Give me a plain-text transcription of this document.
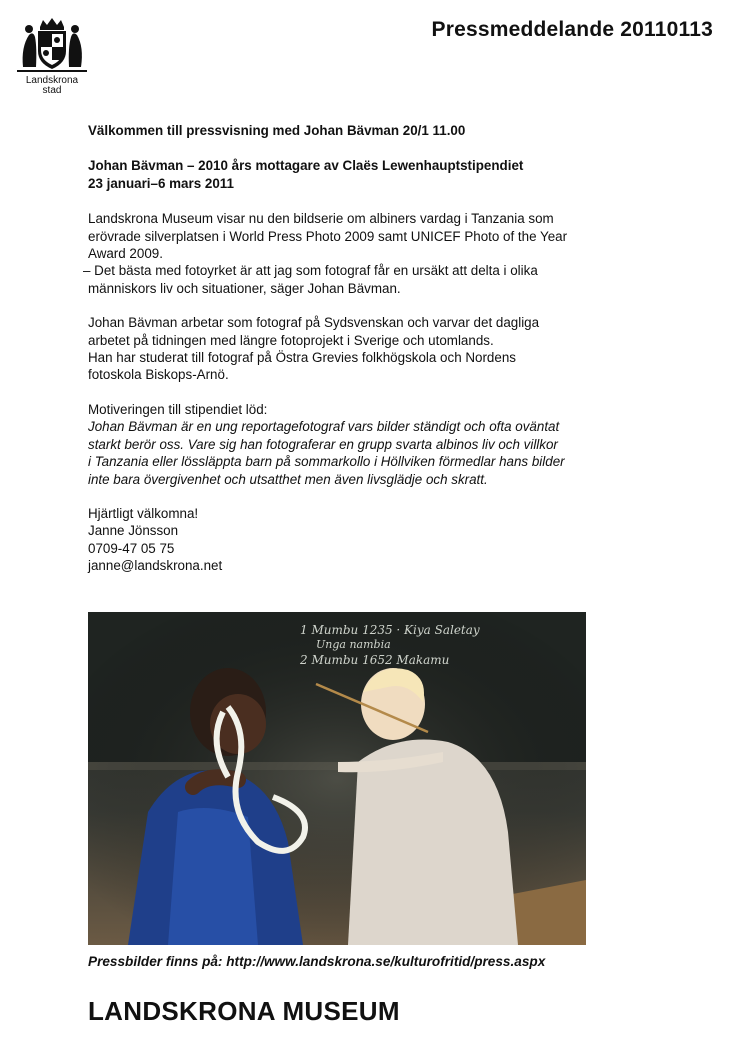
Landskrona
stad
Pressmeddelande 20110113

Välkommen till pressvisning med Johan Bävman 20/1 11.00

Johan Bävman – 2010 års mottagare av Claës Lewenhauptstipendiet

23 januari–6 mars 2011

Landskrona Museum visar nu den bildserie om albiners vardag i Tanzania som

erövrade silverplatsen i World Press Photo 2009 samt UNICEF Photo of the Year

Award 2009.

– Det bästa med fotoyrket är att jag som fotograf får en ursäkt att delta i olika

människors liv och situationer, säger Johan Bävman.

Johan Bävman arbetar som fotograf på Sydsvenskan och varvar det dagliga

arbetet på tidningen med längre fotoprojekt i Sverige och utomlands.

Han har studerat till fotograf på Östra Grevies folkhögskola och Nordens

fotoskola Biskops-Arnö.

Motiveringen till stipendiet löd:

Johan Bävman är en ung reportagefotograf vars bilder ständigt och ofta oväntat

starkt berör oss. Vare sig han fotograferar en grupp svarta albinos liv och villkor

i Tanzania eller lössläppta barn på sommarkollo i Höllviken förmedlar hans bilder

inte bara övergivenhet och utsatthet men även livsglädje och skratt.

Hjärtligt välkomna!

Janne Jönsson

0709-47 05 75

janne@landskrona.net

1 Mumbu 1235 · Kiya Saletay
Unga nambia
2 Mumbu 1652 Makamu
Pressbilder finns på: http://www.landskrona.se/kulturofritid/press.aspx
LANDSKRONA MUSEUM
